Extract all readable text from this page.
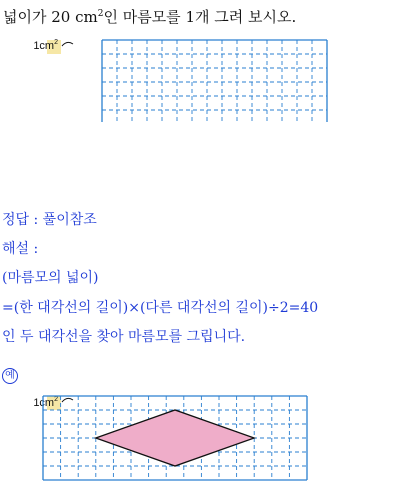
넓이가 20 $cm^2$인 마름모를 1개 그려 보시오.
$1cm^2$
정답 : 풀이참조
해설 :
(마름모의 넓이)
=(한 대각선의 길이)×(다른 대각선의 길이)÷2=40
인 두 대각선을 찾아 마름모를 그립니다.
예
$1cm^2$
